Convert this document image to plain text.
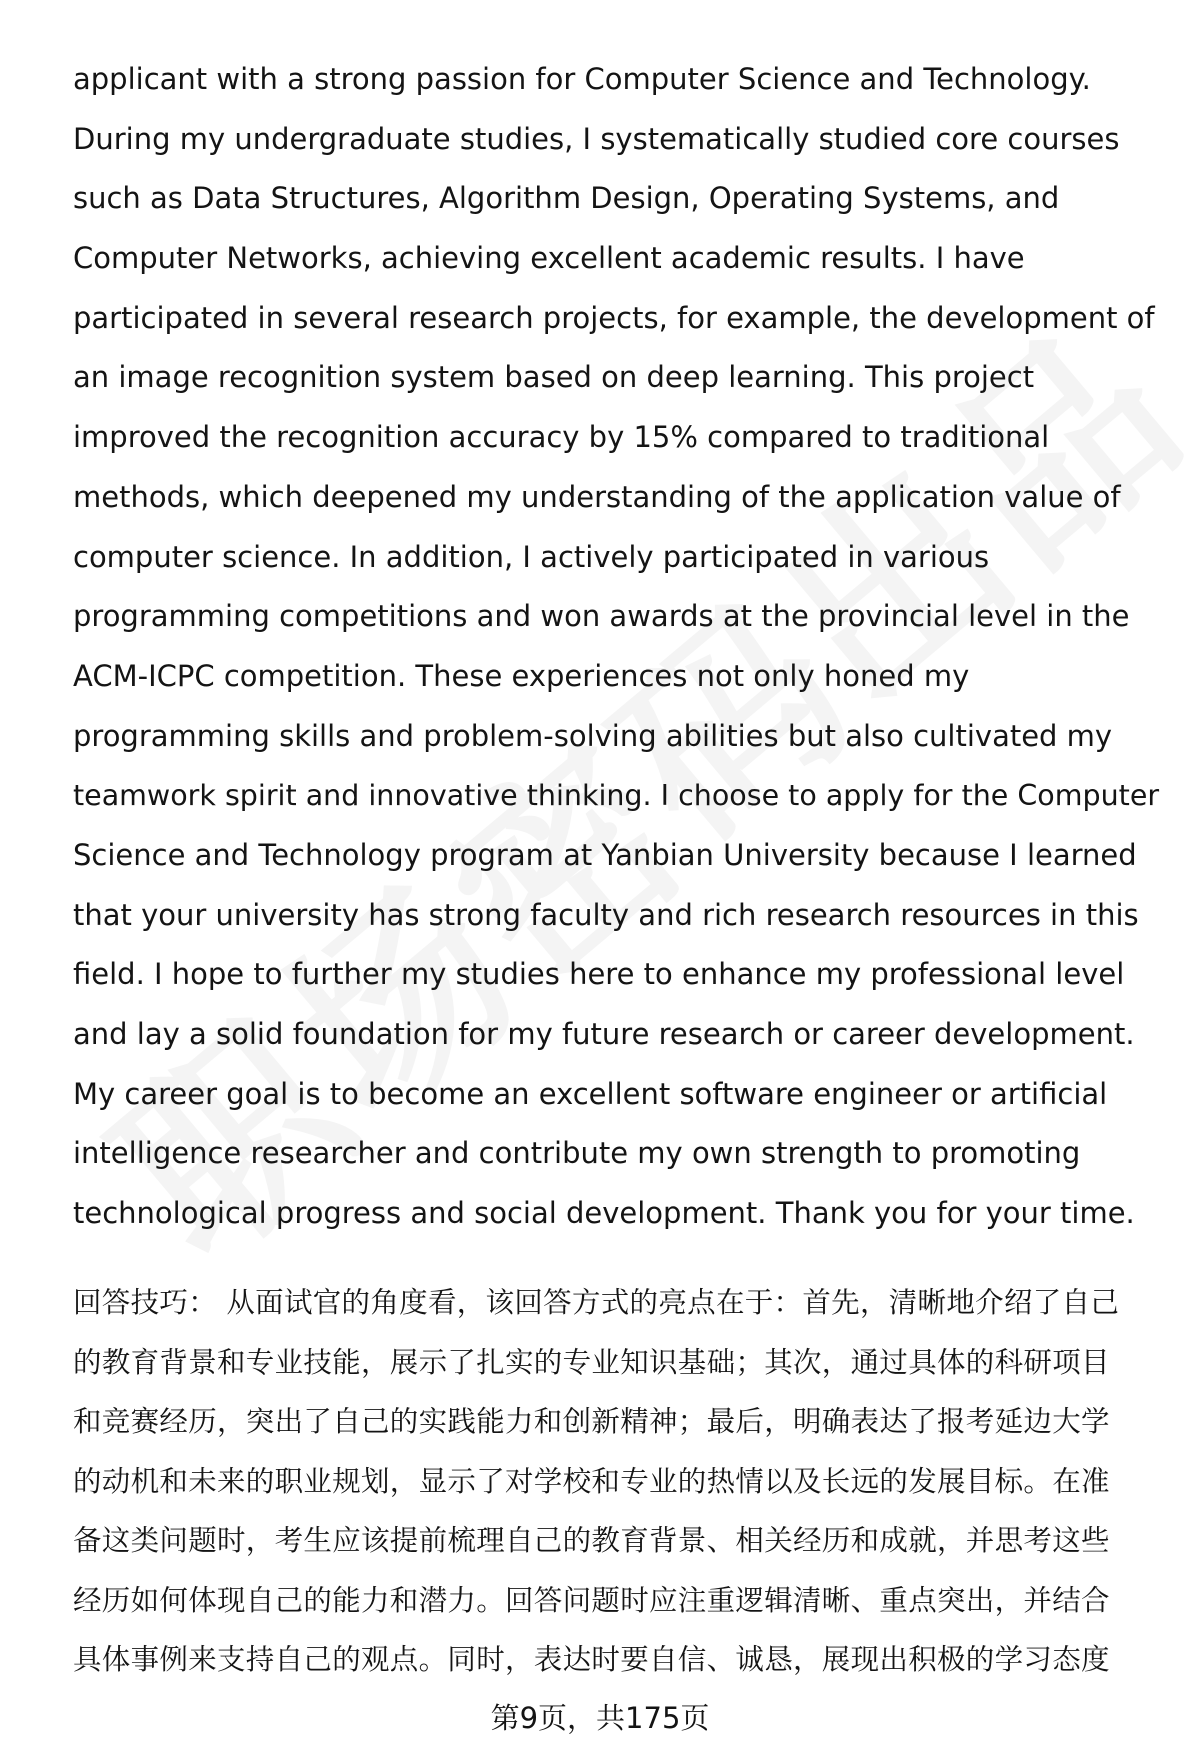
applicant with a strong passion for Computer Science and Technology.
During my undergraduate studies, I systematically studied core courses
such as Data Structures, Algorithm Design, Operating Systems, and
Computer Networks, achieving excellent academic results. I have
participated in several research projects, for example, the development of
an image recognition system based on deep learning. This project
improved the recognition accuracy by 15% compared to traditional
methods, which deepened my understanding of the application value of
computer science. In addition, I actively participated in various
programming competitions and won awards at the provincial level in the
ACM-ICPC competition. These experiences not only honed my
programming skills and problem-solving abilities but also cultivated my
teamwork spirit and innovative thinking. I choose to apply for the Computer
Science and Technology program at Yanbian University because I learned
that your university has strong faculty and rich research resources in this
field. I hope to further my studies here to enhance my professional level
and lay a solid foundation for my future research or career development.
My career goal is to become an excellent software engineer or artificial
intelligence researcher and contribute my own strength to promoting
technological progress and social development. Thank you for your time.
回答技巧： 从面试官的角度看，该回答方式的亮点在于：首先，清晰地介绍了自己
的教育背景和专业技能，展示了扎实的专业知识基础；其次，通过具体的科研项目
和竞赛经历，突出了自己的实践能力和创新精神；最后，明确表达了报考延边大学
的动机和未来的职业规划，显示了对学校和专业的热情以及长远的发展目标。在准
备这类问题时，考生应该提前梳理自己的教育背景、相关经历和成就，并思考这些
经历如何体现自己的能力和潜力。回答问题时应注重逻辑清晰、重点突出，并结合
具体事例来支持自己的观点。同时，表达时要自信、诚恳，展现出积极的学习态度
第9页，共175页
